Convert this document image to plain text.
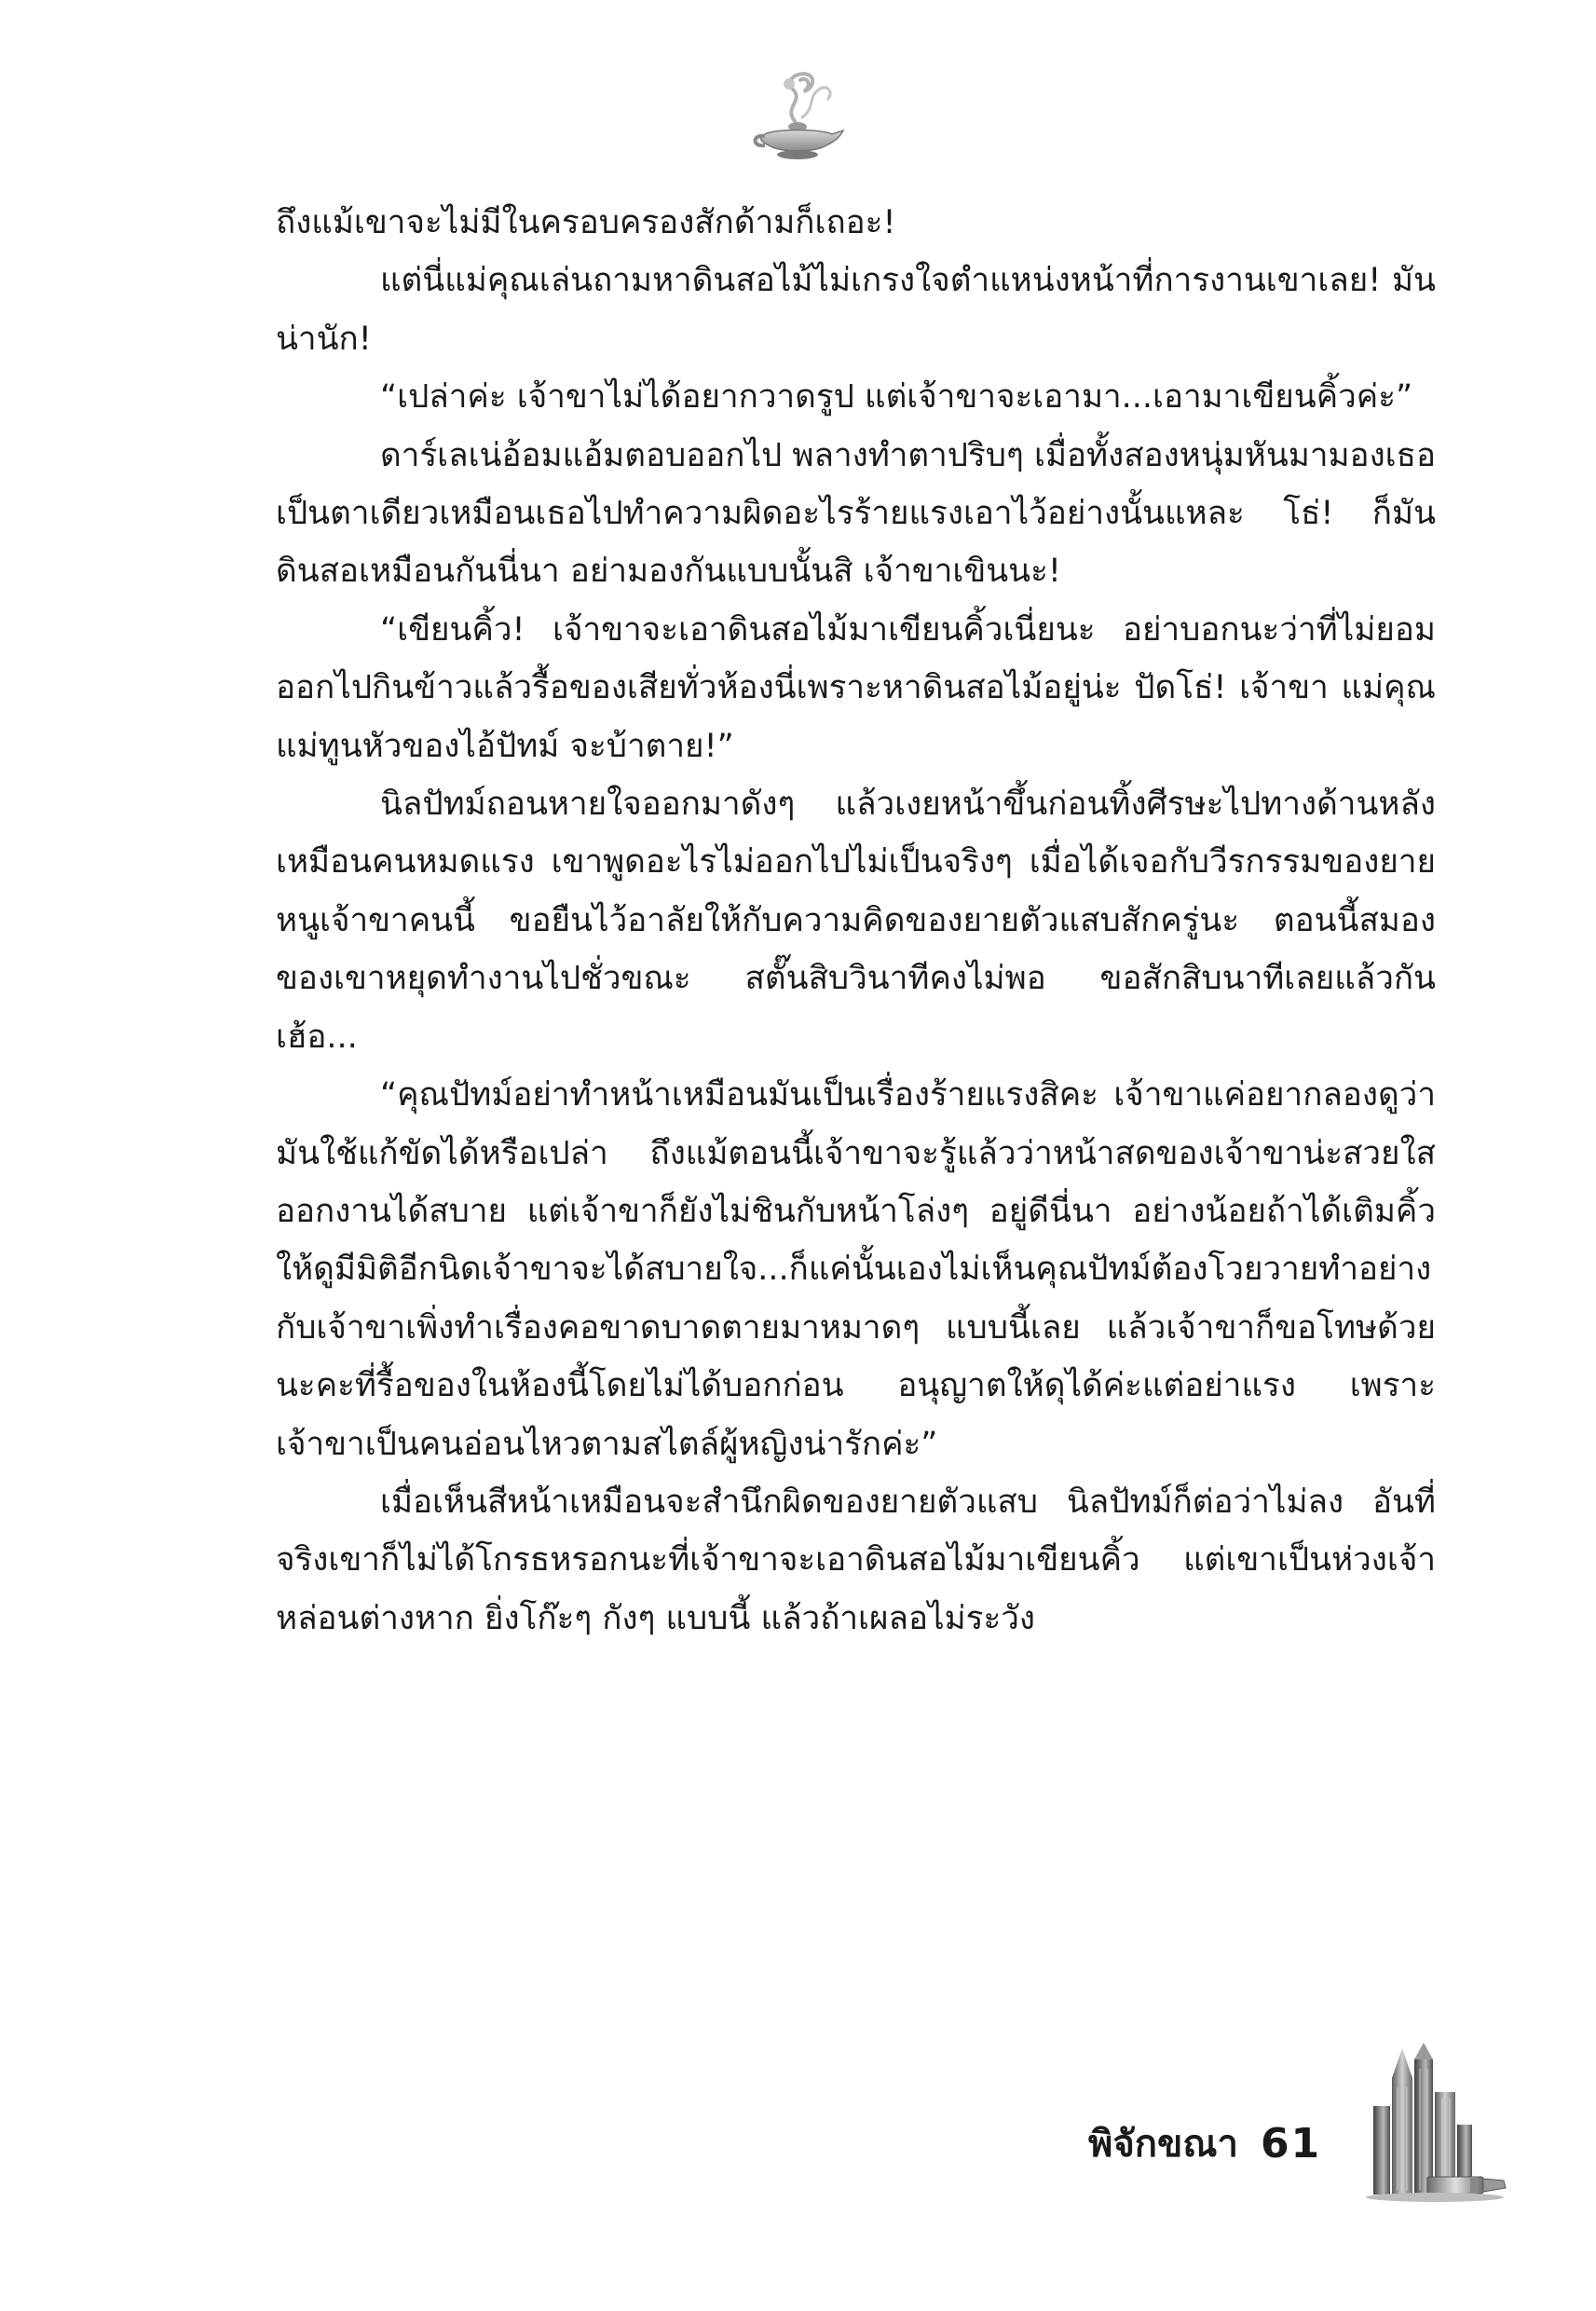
ถึงแม้เขาจะไม่มีในครอบครองสักด้ามก็เถอะ!

แต่นี่แม่คุณเล่นถามหาดินสอไม้ไม่เกรงใจตำแหน่งหน้าที่การงานเขาเลย! มันน่านัก!

“เปล่าค่ะ เจ้าขาไม่ได้อยากวาดรูป แต่เจ้าขาจะเอามา...เอามาเขียนคิ้วค่ะ”

ดาร์เลเน่อ้อมแอ้มตอบออกไป พลางทำตาปริบๆ เมื่อทั้งสองหนุ่มหันมามองเธอเป็นตาเดียวเหมือนเธอไปทำความผิดอะไรร้ายแรงเอาไว้อย่างนั้นแหละ โธ่! ก็มันดินสอเหมือนกันนี่นา อย่ามองกันแบบนั้นสิ เจ้าขาเขินนะ!

“เขียนคิ้ว! เจ้าขาจะเอาดินสอไม้มาเขียนคิ้วเนี่ยนะ อย่าบอกนะว่าที่ไม่ยอมออกไปกินข้าวแล้วรื้อของเสียทั่วห้องนี่เพราะหาดินสอไม้อยู่น่ะ ปัดโธ่! เจ้าขา แม่คุณแม่ทูนหัวของไอ้ปัทม์ จะบ้าตาย!”

นิลปัทม์ถอนหายใจออกมาดังๆ แล้วเงยหน้าขึ้นก่อนทิ้งศีรษะไปทางด้านหลังเหมือนคนหมดแรง เขาพูดอะไรไม่ออกไปไม่เป็นจริงๆ เมื่อได้เจอกับวีรกรรมของยายหนูเจ้าขาคนนี้ ขอยืนไว้อาลัยให้กับความคิดของยายตัวแสบสักครู่นะ ตอนนี้สมองของเขาหยุดทำงานไปชั่วขณะ สตั๊นสิบวินาทีคงไม่พอ ขอสักสิบนาทีเลยแล้วกัน เฮ้อ...

“คุณปัทม์อย่าทำหน้าเหมือนมันเป็นเรื่องร้ายแรงสิคะ เจ้าขาแค่อยากลองดูว่ามันใช้แก้ขัดได้หรือเปล่า ถึงแม้ตอนนี้เจ้าขาจะรู้แล้วว่าหน้าสดของเจ้าขาน่ะสวยใสออกงานได้สบาย แต่เจ้าขาก็ยังไม่ชินกับหน้าโล่งๆ อยู่ดีนี่นา อย่างน้อยถ้าได้เติมคิ้วให้ดูมีมิติอีกนิดเจ้าขาจะได้สบายใจ...ก็แค่นั้นเองไม่เห็นคุณปัทม์ต้องโวยวายทำอย่างกับเจ้าขาเพิ่งทำเรื่องคอขาดบาดตายมาหมาดๆ แบบนี้เลย แล้วเจ้าขาก็ขอโทษด้วยนะคะที่รื้อของในห้องนี้โดยไม่ได้บอกก่อน อนุญาตให้ดุได้ค่ะแต่อย่าแรง เพราะเจ้าขาเป็นคนอ่อนไหวตามสไตล์ผู้หญิงน่ารักค่ะ”

เมื่อเห็นสีหน้าเหมือนจะสำนึกผิดของยายตัวแสบ นิลปัทม์ก็ต่อว่าไม่ลง อันที่จริงเขาก็ไม่ได้โกรธหรอกนะที่เจ้าขาจะเอาดินสอไม้มาเขียนคิ้ว แต่เขาเป็นห่วงเจ้าหล่อนต่างหาก ยิ่งโก๊ะๆ กังๆ แบบนี้ แล้วถ้าเผลอไม่ระวัง

พิจักขณา 61
